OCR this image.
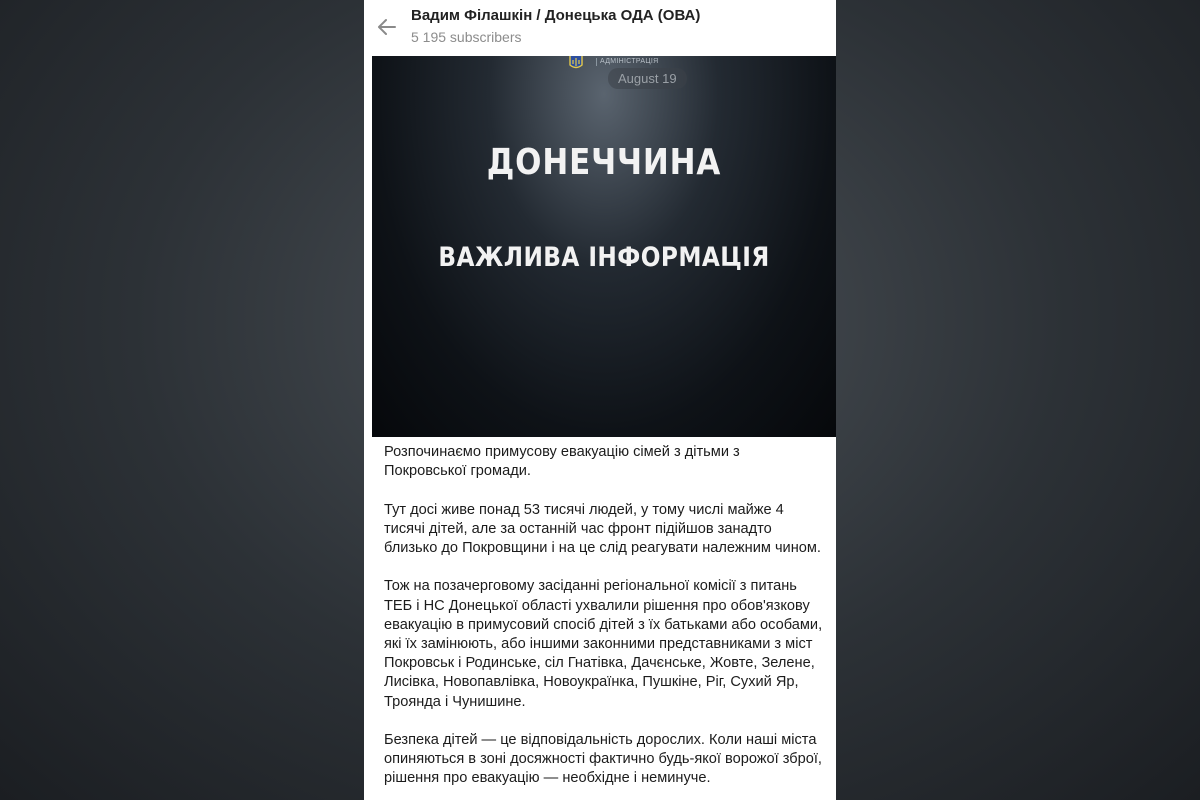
Вадим Філашкін / Донецька ОДА (ОВА)
5 195 subscribers
АДМІНІСТРАЦІЯ
August 19
ДОНЕЧЧИНА
ВАЖЛИВА ІНФОРМАЦІЯ

Розпочинаємо примусову евакуацію сімей з дітьми з Покровської громади.

Тут досі живе понад 53 тисячі людей, у тому числі майже 4 тисячі дітей, але за останній час фронт підійшов занадто близько до Покровщини і на це слід реагувати належним чином.

Тож на позачерговому засіданні регіональної комісії з питань ТЕБ і НС Донецької області ухвалили рішення про обов'язкову евакуацію в примусовий спосіб дітей з їх батьками або особами, які їх замінюють, або іншими законними представниками з міст Покровськ і Родинське, сіл Гнатівка, Дачєнське, Жовте, Зелене, Лисівка, Новопавлівка, Новоукраїнка, Пушкіне, Ріг, Сухий Яр, Троянда і Чунишине.

Безпека дітей — це відповідальність дорослих. Коли наші міста опиняються в зоні досяжності фактично будь-якої ворожої зброї, рішення про евакуацію — необхідне і неминуче.
